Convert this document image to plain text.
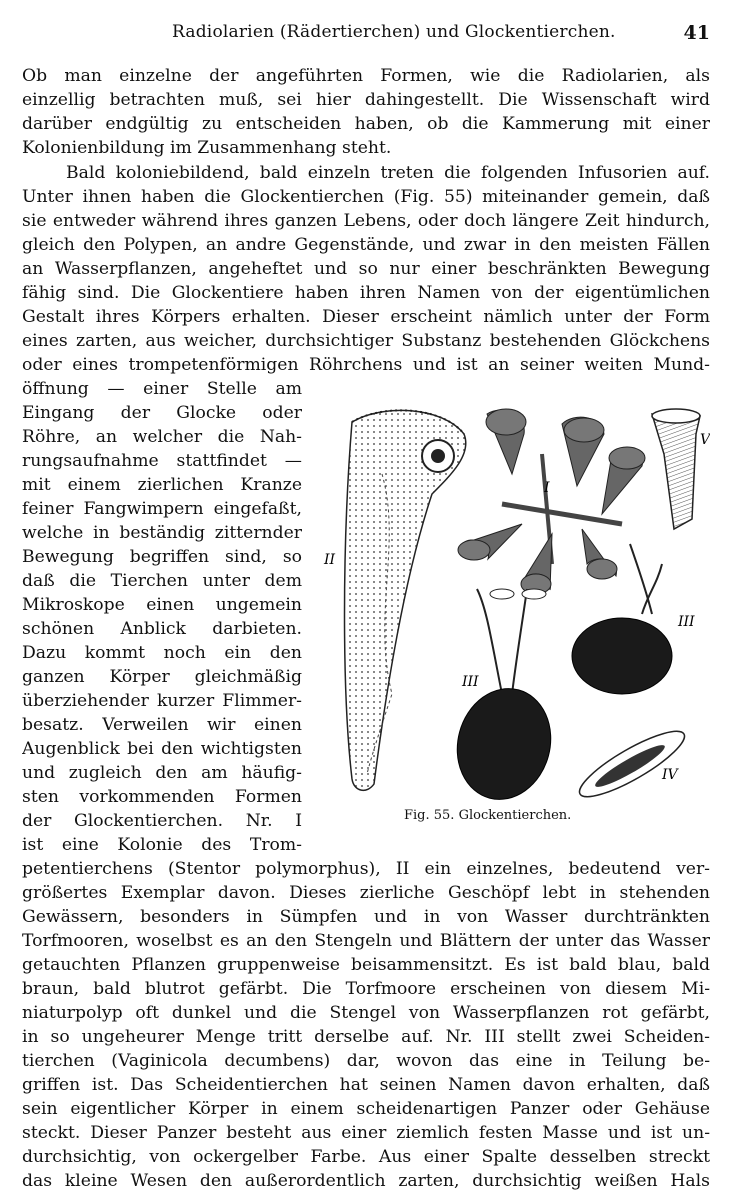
Radiolarien (Rädertierchen) und Glockentierchen.	41
Ob man einzelne der angeführten Formen, wie die Radiolarien, als
einzellig betrachten muß, sei hier dahingestellt. Die Wissenschaft wird
darüber endgültig zu entscheiden haben, ob die Kammerung mit einer
Kolonienbildung im Zusammenhang steht.
Bald koloniebildend, bald einzeln treten die folgenden Infusorien auf.
Unter ihnen haben die Glockentierchen (Fig. 55) miteinander gemein, daß
sie entweder während ihres ganzen Lebens, oder doch längere Zeit hindurch,
gleich den Polypen, an andre Gegenstände, und zwar in den meisten Fällen
an Wasserpflanzen, angeheftet und so nur einer beschränkten Bewegung
fähig sind. Die Glockentiere haben ihren Namen von der eigentümlichen
Gestalt ihres Körpers erhalten. Dieser erscheint nämlich unter der Form
eines zarten, aus weicher, durchsichtiger Substanz bestehenden Glöckchens
oder eines trompetenförmigen Röhrchens und ist an seiner weiten Mund-
öffnung — einer Stelle am
Eingang der Glocke oder
Röhre, an welcher die Nah-
rungsaufnahme stattfindet —
mit einem zierlichen Kranze
feiner Fangwimpern eingefaßt,
welche in beständig zitternder
Bewegung begriffen sind, so
daß die Tierchen unter dem
Mikroskope einen ungemein
schönen Anblick darbieten.
Dazu kommt noch ein den
ganzen Körper gleichmäßig
überziehender kurzer Flimmer-
besatz. Verweilen wir einen
Augenblick bei den wichtigsten
und zugleich den am häufig-
sten vorkommenden Formen
der Glockentierchen. Nr. I
ist eine Kolonie des Trom-
petentierchens (Stentor polymorphus), II ein einzelnes, bedeutend ver-
größertes Exemplar davon. Dieses zierliche Geschöpf lebt in stehenden
Gewässern, besonders in Sümpfen und in von Wasser durchtränkten
Torfmooren, woselbst es an den Stengeln und Blättern der unter das Wasser
getauchten Pflanzen gruppenweise beisammensitzt. Es ist bald blau, bald
braun, bald blutrot gefärbt. Die Torfmoore erscheinen von diesem Mi-
niaturpolyp oft dunkel und die Stengel von Wasserpflanzen rot gefärbt,
in so ungeheurer Menge tritt derselbe auf. Nr. III stellt zwei Scheiden-
tierchen (Vaginicola decumbens) dar, wovon das eine in Teilung be-
griffen ist. Das Scheidentierchen hat seinen Namen davon erhalten, daß
sein eigentlicher Körper in einem scheidenartigen Panzer oder Gehäuse
steckt. Dieser Panzer besteht aus einer ziemlich festen Masse und ist un-
durchsichtig, von ockergelber Farbe. Aus einer Spalte desselben streckt
das kleine Wesen den außerordentlich zarten, durchsichtig weißen Hals
II
I
V
III
III
IV
Fig. 55. Glockentierchen.
